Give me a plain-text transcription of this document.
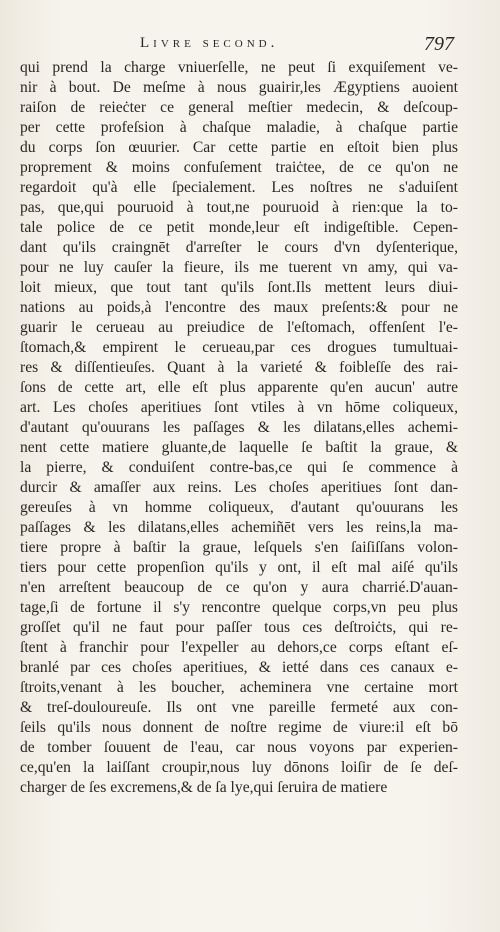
Livre second.	797
qui prend la charge vniuerſelle, ne peut ſi exquiſement ve-
nir à bout. De meſme à nous guairir,les Ægyptiens auoient
raiſon de reieċter ce general meſtier medecin, & deſcoup-
per cette profeſsion à chaſque maladie, à chaſque partie
du corps ſon œuurier. Car cette partie en eſtoit bien plus
proprement & moins confuſement traiċtee, de ce qu'on ne
regardoit qu'à elle ſpecialement. Les noſtres ne s'aduiſent
pas, que,qui pouruoid à tout,ne pouruoid à rien:que la to-
tale police de ce petit monde,leur eſt indigeſtible. Cepen-
dant qu'ils craingnēt d'arreſter le cours d'vn dyſenterique,
pour ne luy cauſer la fieure, ils me tuerent vn amy, qui va-
loit mieux, que tout tant qu'ils ſont.Ils mettent leurs diui-
nations au poids,à l'encontre des maux preſents:& pour ne
guarir le cerueau au preiudice de l'eſtomach, offenſent l'e-
ſtomach,& empirent le cerueau,par ces drogues tumultuai-
res & diſſentieuſes. Quant à la varieté & foibleſſe des rai-
ſons de cette art, elle eſt plus apparente qu'en aucun' autre
art. Les choſes aperitiues ſont vtiles à vn hōme coliqueux,
d'autant qu'ouurans les paſſages & les dilatans,elles achemi-
nent cette matiere gluante,de laquelle ſe baſtit la graue, &
la pierre, & conduiſent contre-bas,ce qui ſe commence à
durcir & amaſſer aux reins. Les choſes aperitiues ſont dan-
gereuſes à vn homme coliqueux, d'autant qu'ouurans les
paſſages & les dilatans,elles achemiñēt vers les reins,la ma-
tiere propre à baſtir la graue, leſquels s'en ſaiſiſſans volon-
tiers pour cette propenſion qu'ils y ont, il eſt mal aiſé qu'ils
n'en arreſtent beaucoup de ce qu'on y aura charrié.D'auan-
tage,ſi de fortune il s'y rencontre quelque corps,vn peu plus
groſſet qu'il ne faut pour paſſer tous ces deſtroiċts, qui re-
ſtent à franchir pour l'expeller au dehors,ce corps eſtant eſ-
branlé par ces choſes aperitiues, & ietté dans ces canaux e-
ſtroits,venant à les boucher, acheminera vne certaine mort
& treſ-douloureuſe. Ils ont vne pareille fermeté aux con-
ſeils qu'ils nous donnent de noſtre regime de viure:il eſt bō
de tomber ſouuent de l'eau, car nous voyons par experien-
ce,qu'en la laiſſant croupir,nous luy dōnons loiſir de ſe deſ-
charger de ſes excremens,& de ſa lye,qui ſeruira de matiere
